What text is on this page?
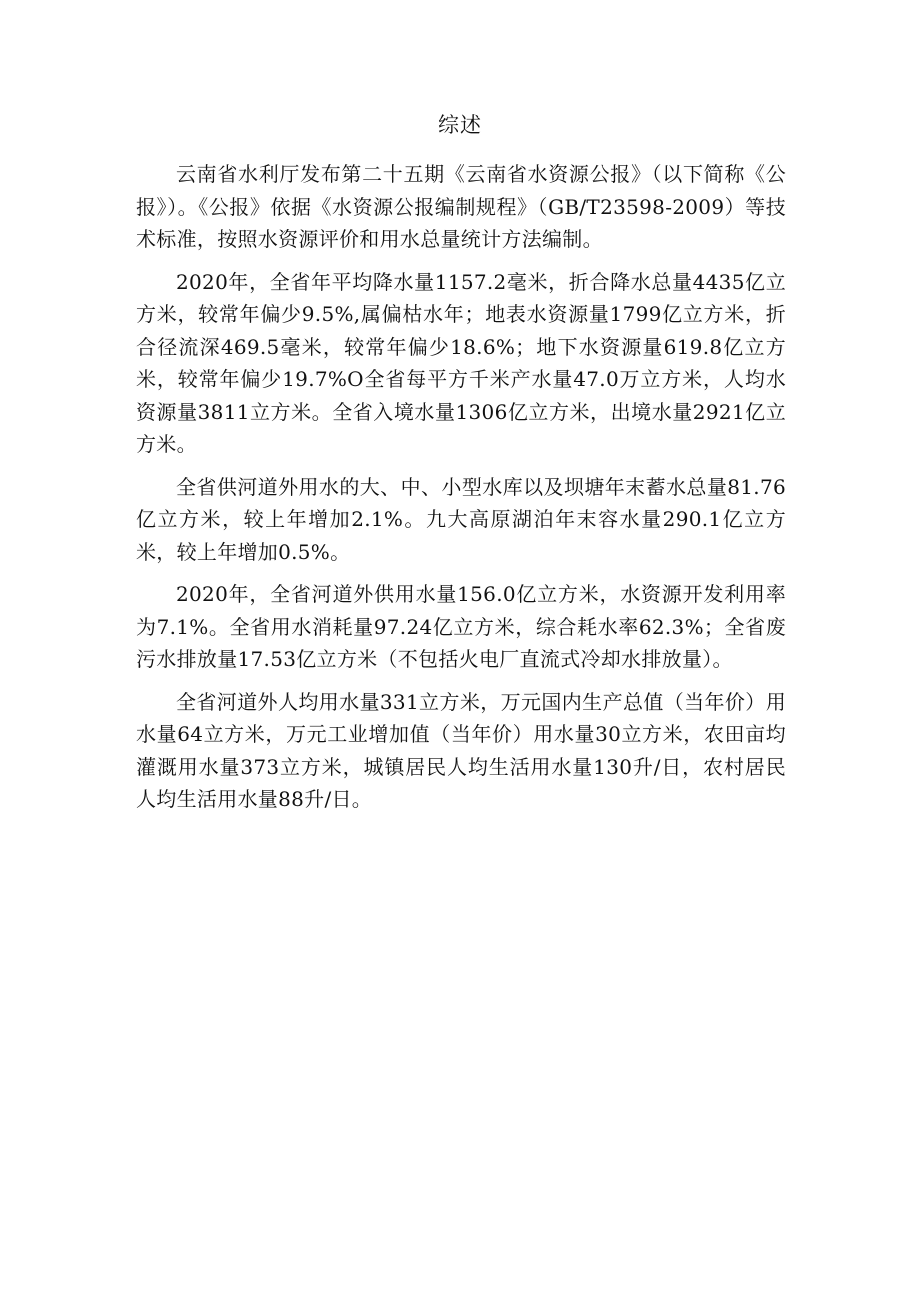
综述

云南省水利厅发布第二十五期《云南省水资源公报》（以下简称《公报》）。《公报》依据《水资源公报编制规程》（GB/T23598-2009）等技术标准，按照水资源评价和用水总量统计方法编制。

2020年，全省年平均降水量1157.2毫米，折合降水总量4435亿立方米，较常年偏少9.5%,属偏枯水年；地表水资源量1799亿立方米，折合径流深469.5毫米，较常年偏少18.6%；地下水资源量619.8亿立方米，较常年偏少19.7%O全省每平方千米产水量47.0万立方米，人均水资源量3811立方米。全省入境水量1306亿立方米，出境水量2921亿立方米。

全省供河道外用水的大、中、小型水库以及坝塘年末蓄水总量81.76亿立方米，较上年增加2.1%。九大高原湖泊年末容水量290.1亿立方米，较上年增加0.5%。

2020年，全省河道外供用水量156.0亿立方米，水资源开发利用率为7.1%。全省用水消耗量97.24亿立方米，综合耗水率62.3%；全省废污水排放量17.53亿立方米（不包括火电厂直流式冷却水排放量）。

全省河道外人均用水量331立方米，万元国内生产总值（当年价）用水量64立方米，万元工业增加值（当年价）用水量30立方米，农田亩均灌溉用水量373立方米，城镇居民人均生活用水量130升/日，农村居民人均生活用水量88升/日。
